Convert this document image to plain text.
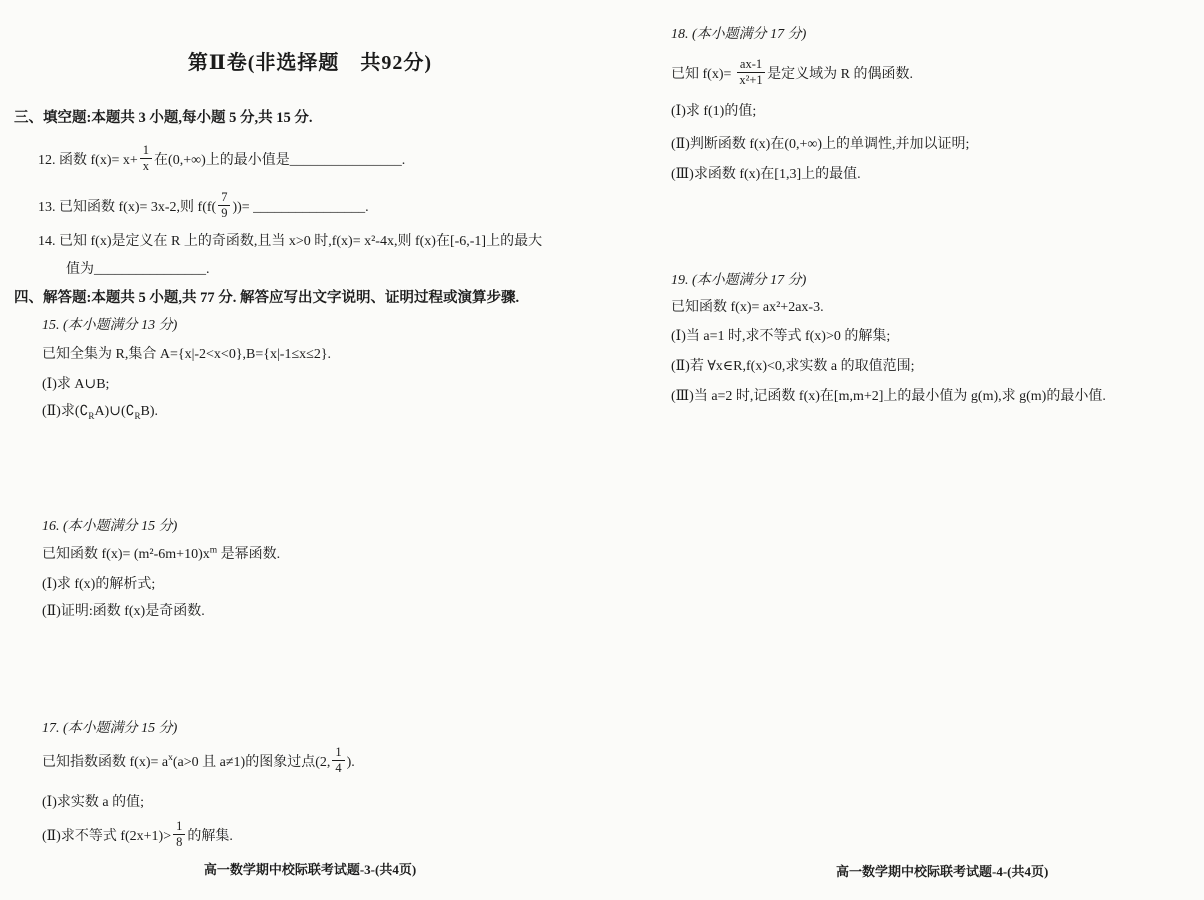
第Ⅱ卷(非选择题　共92分)
三、填空题:本题共 3 小题,每小题 5 分,共 15 分.
12. 函数 $f(x)= x+ \frac{1}{x}$ 在(0,+∞)上的最小值是________________.
13. 已知函数 f(x)= 3x-2,则 $f(f( \frac{7}{9}$ ))= ________________.
14. 已知 f(x)是定义在 R 上的奇函数,且当 x>0 时,f(x)= x²-4x,则 f(x)在[-6,-1]上的最大
值为________________.
四、解答题:本题共 5 小题,共 77 分. 解答应写出文字说明、证明过程或演算步骤.
15. (本小题满分 13 分)
已知全集为 R,集合 A={x|-2<x<0},B={x|-1≤x≤2}.
(Ⅰ)求 A∪B;
(Ⅱ)求$(∁_RA)\cup(∁_RB)$.
16. (本小题满分 15 分)
已知函数 $f(x)= (m^2-6m+10)x^m$ 是幂函数.
(Ⅰ)求 f(x)的解析式;
(Ⅱ)证明:函数 f(x)是奇函数.
17. (本小题满分 15 分)
已知指数函数 $f(x)= a^x(a>0$ 且 a≠1)的图象过点(2, $\frac{1}{4}$ ).
(Ⅰ)求实数 a 的值;
(Ⅱ)求不等式 $f(2x+1)> \frac{1}{8}$ 的解集.
高一数学期中校际联考试题-3-(共4页)
18. (本小题满分 17 分)
已知 $f(x)= \frac{ax-1}{\text{x²+1}}$ 是定义域为 R 的偶函数.
(Ⅰ)求 f(1)的值;
(Ⅱ)判断函数 f(x)在(0,+∞)上的单调性,并加以证明;
(Ⅲ)求函数 f(x)在[1,3]上的最值.
19. (本小题满分 17 分)
已知函数 f(x)= ax²+2ax-3.
(Ⅰ)当 a=1 时,求不等式 f(x)>0 的解集;
(Ⅱ)若 ∀x∈R,f(x)<0,求实数 a 的取值范围;
(Ⅲ)当 a=2 时,记函数 f(x)在[m,m+2]上的最小值为 g(m),求 g(m)的最小值.
高一数学期中校际联考试题-4-(共4页)
